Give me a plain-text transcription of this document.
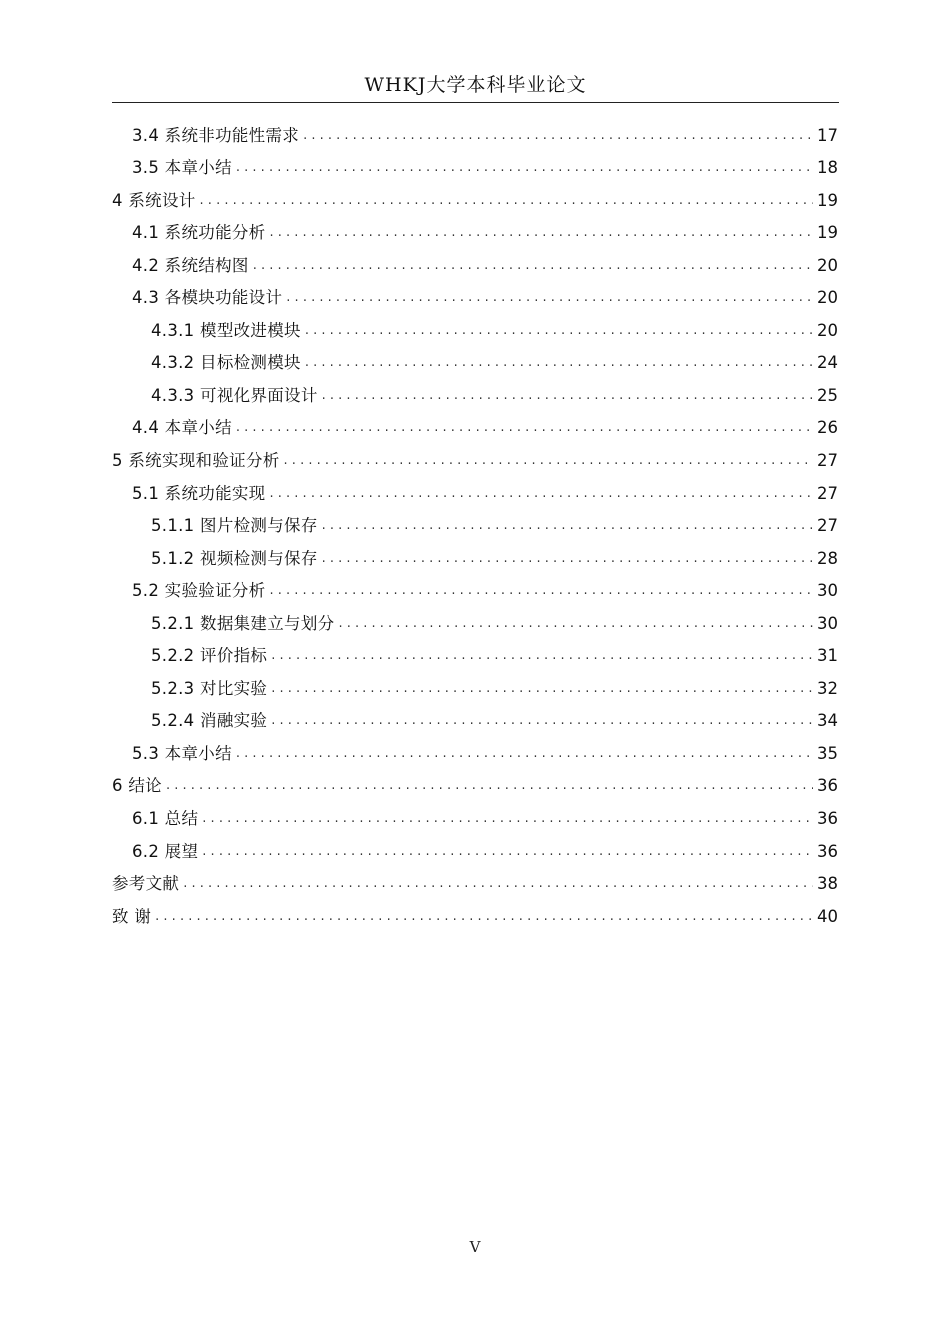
WHKJ大学本科毕业论文
3.4 系统非功能性需求 . . .	17
3.5 本章小结 . . .	18
4 系统设计 . . .	19
4.1 系统功能分析 . . .	19
4.2 系统结构图 . . .	20
4.3 各模块功能设计 . . .	20
4.3.1 模型改进模块 . . .	20
4.3.2 目标检测模块 . . .	24
4.3.3 可视化界面设计 . . .	25
4.4 本章小结 . . .	26
5 系统实现和验证分析 . . .	27
5.1 系统功能实现 . . .	27
5.1.1 图片检测与保存 . . .	27
5.1.2 视频检测与保存 . . .	28
5.2 实验验证分析 . . .	30
5.2.1 数据集建立与划分 . . .	30
5.2.2 评价指标 . . .	31
5.2.3 对比实验 . . .	32
5.2.4 消融实验 . . .	34
5.3 本章小结 . . .	35
6 结论 . . .	36
6.1 总结 . . .	36
6.2 展望 . . .	36
参考文献 . . .	38
致 谢 . . .	40
V
